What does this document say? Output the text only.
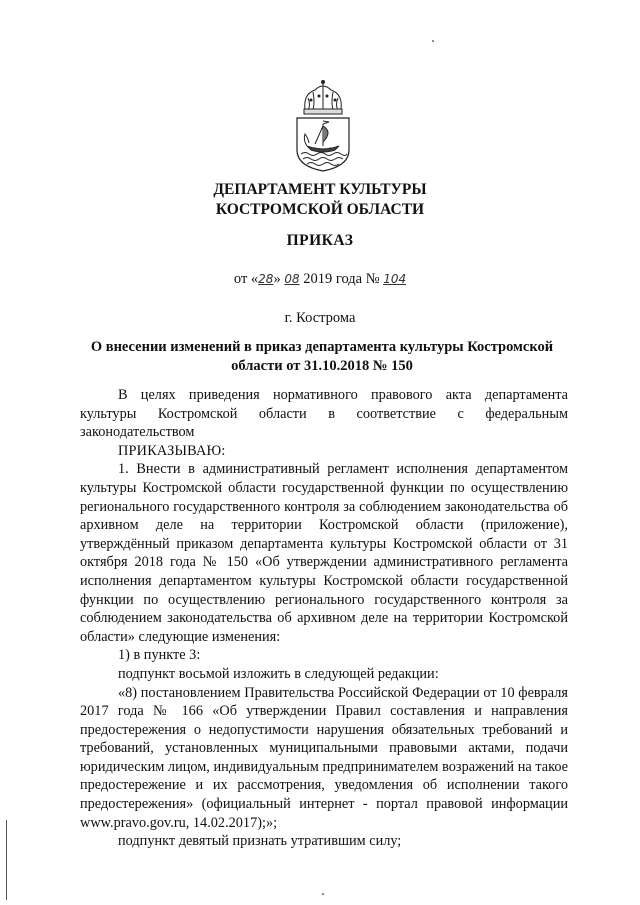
ДЕПАРТАМЕНТ КУЛЬТУРЫ
КОСТРОМСКОЙ ОБЛАСТИ
ПРИКАЗ
от «28» 08 2019 года № 104
г. Кострома
О внесении изменений в приказ департамента культуры Костромской области от 31.10.2018 № 150

В целях приведения нормативного правового акта департамента культуры Костромской области в соответствие с федеральным законодательством

ПРИКАЗЫВАЮ:

1. Внести в административный регламент исполнения департаментом культуры Костромской области государственной функции по осуществлению регионального государственного контроля за соблюдением законодательства об архивном деле на территории Костромской области (приложение), утверждённый приказом департамента культуры Костромской области от 31 октября 2018 года № 150 «Об утверждении административного регламента исполнения департаментом культуры Костромской области государственной функции по осуществлению регионального государственного контроля за соблюдением законодательства об архивном деле на территории Костромской области» следующие изменения:

1) в пункте 3:

подпункт восьмой изложить в следующей редакции:

«8) постановлением Правительства Российской Федерации от 10 февраля 2017 года № 166 «Об утверждении Правил составления и направления предостережения о недопустимости нарушения обязательных требований и требований, установленных муниципальными правовыми актами, подачи юридическим лицом, индивидуальным предпринимателем возражений на такое предостережение и их рассмотрения, уведомления об исполнении такого предостережения» (официальный интернет - портал правовой информации www.pravo.gov.ru, 14.02.2017);»;

подпункт девятый признать утратившим силу;
